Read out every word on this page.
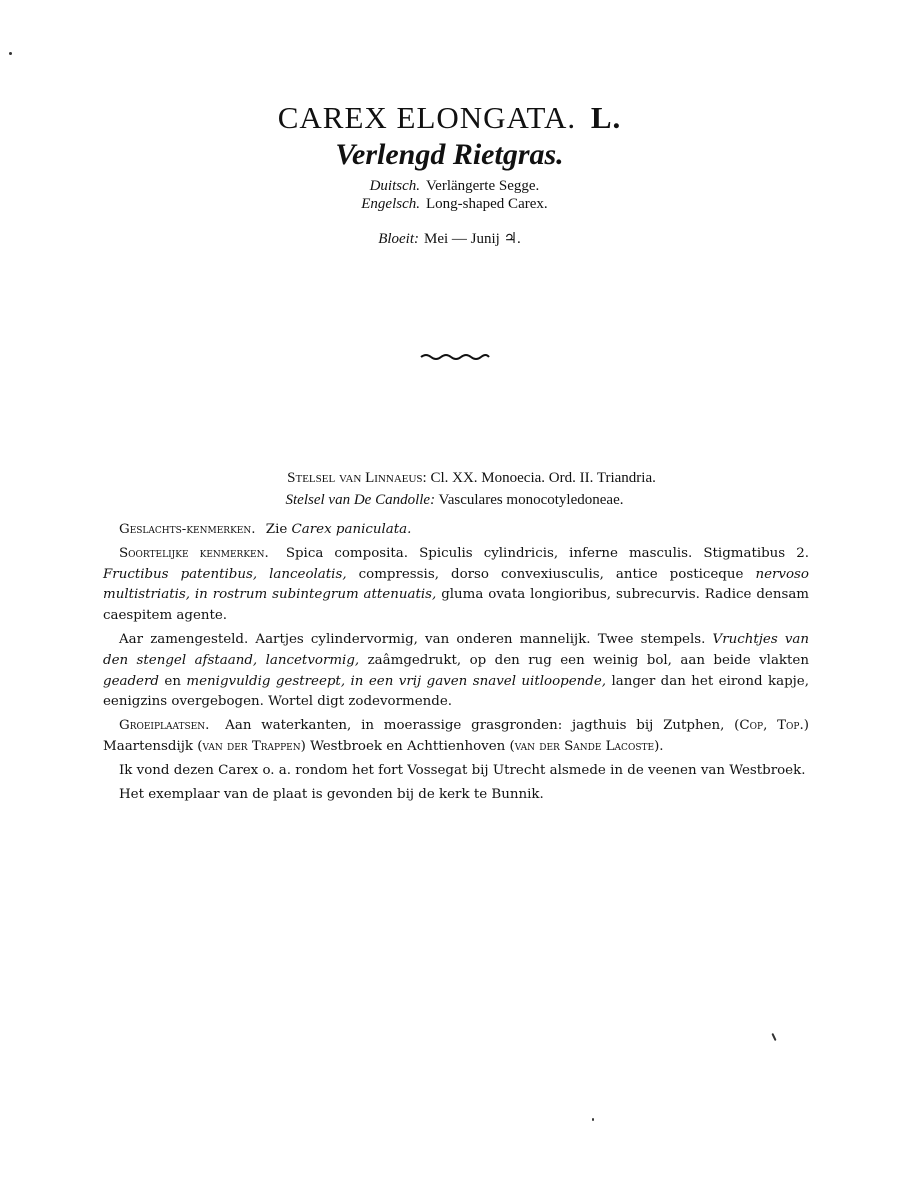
CAREX ELONGATA. L.
Verlengd Rietgras.
Duitsch. Verlängerte Segge.
Engelsch. Long-shaped Carex.
Bloeit: Mei — Junij ♃.
Stelsel van Linnaeus: Cl. XX. Monoecia. Ord. II. Triandria.
Stelsel van De Candolle: Vasculares monocotyledoneae.

Geslachts-kenmerken. Zie Carex paniculata.

Soortelijke kenmerken. Spica composita. Spiculis cylindricis, inferne masculis. Stigmatibus 2. Fructibus patentibus, lanceolatis, compressis, dorso convexiusculis, antice posticeque nervoso multistriatis, in rostrum subintegrum attenuatis, gluma ovata longioribus, subrecurvis. Radice densam caespitem agente.

Aar zamengesteld. Aartjes cylindervormig, van onderen mannelijk. Twee stempels. Vruchtjes van den stengel afstaand, lancetvormig, zaâmgedrukt, op den rug een weinig bol, aan beide vlakten geaderd en menigvuldig gestreept, in een vrij gaven snavel uitloopende, langer dan het eirond kapje, eenigzins overgebogen. Wortel digt zodevormende.

Groeiplaatsen. Aan waterkanten, in moerassige grasgronden: jagthuis bij Zutphen, (Cop, Top.) Maartensdijk (van der Trappen) Westbroek en Achttienhoven (van der Sande Lacoste).

Ik vond dezen Carex o. a. rondom het fort Vossegat bij Utrecht alsmede in de veenen van Westbroek.

Het exemplaar van de plaat is gevonden bij de kerk te Bunnik.
